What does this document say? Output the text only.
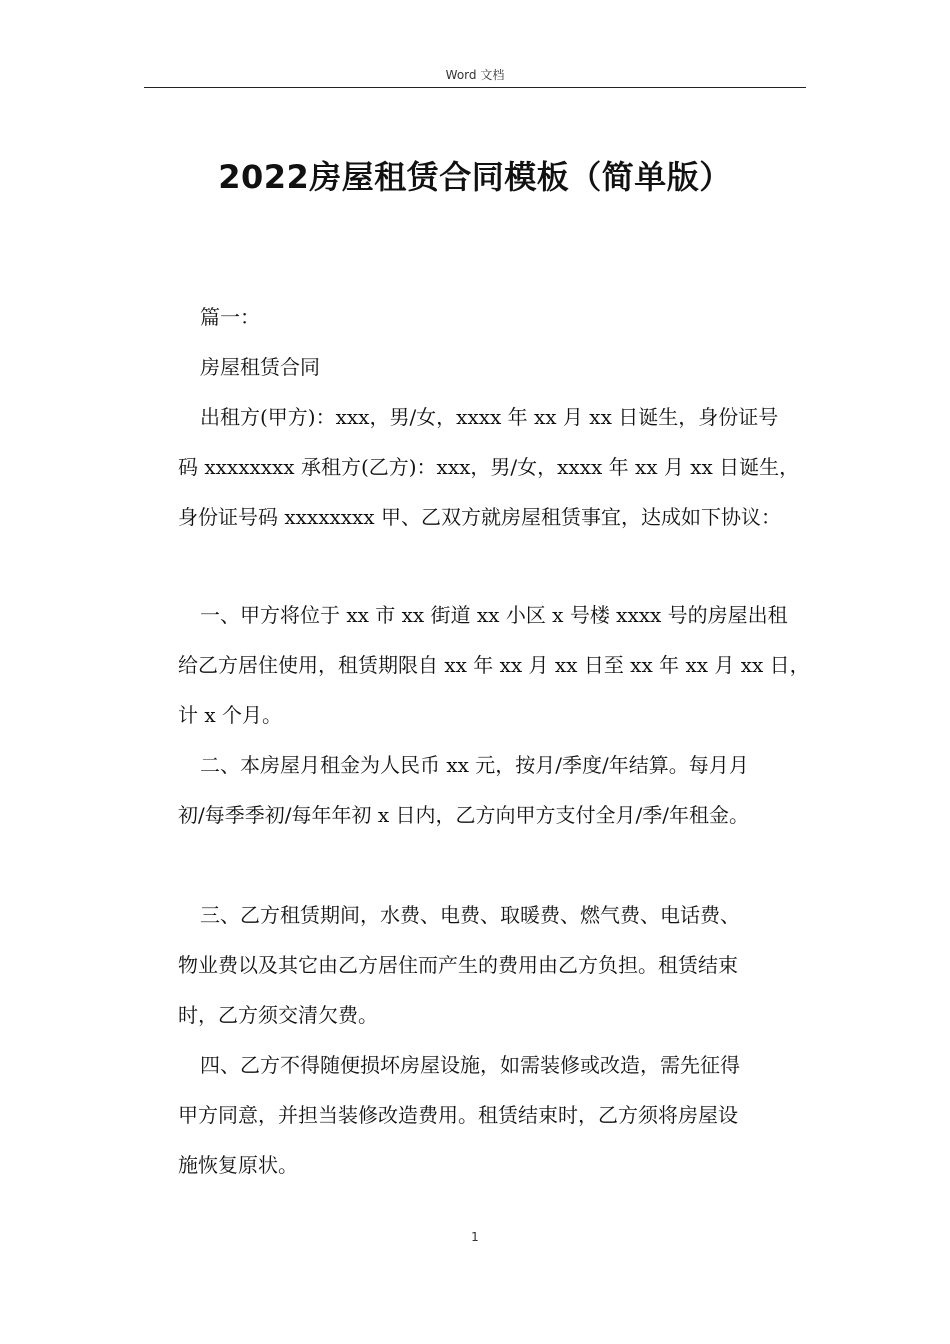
Word 文档
2022房屋租赁合同模板（简单版）
篇一：
房屋租赁合同
出租方(甲方)：xxx，男/女，xxxx 年 xx 月 xx 日诞生，身份证号
码 xxxxxxxx 承租方(乙方)：xxx，男/女，xxxx 年 xx 月 xx 日诞生，
身份证号码 xxxxxxxx 甲、乙双方就房屋租赁事宜，达成如下协议：
一、甲方将位于 xx 市 xx 街道 xx 小区 x 号楼 xxxx 号的房屋出租
给乙方居住使用，租赁期限自 xx 年 xx 月 xx 日至 xx 年 xx 月 xx 日，
计 x 个月。
二、本房屋月租金为人民币 xx 元，按月/季度/年结算。每月月
初/每季季初/每年年初 x 日内，乙方向甲方支付全月/季/年租金。
三、乙方租赁期间，水费、电费、取暖费、燃气费、电话费、
物业费以及其它由乙方居住而产生的费用由乙方负担。租赁结束
时，乙方须交清欠费。
四、乙方不得随便损坏房屋设施，如需装修或改造，需先征得
甲方同意，并担当装修改造费用。租赁结束时，乙方须将房屋设
施恢复原状。
1
